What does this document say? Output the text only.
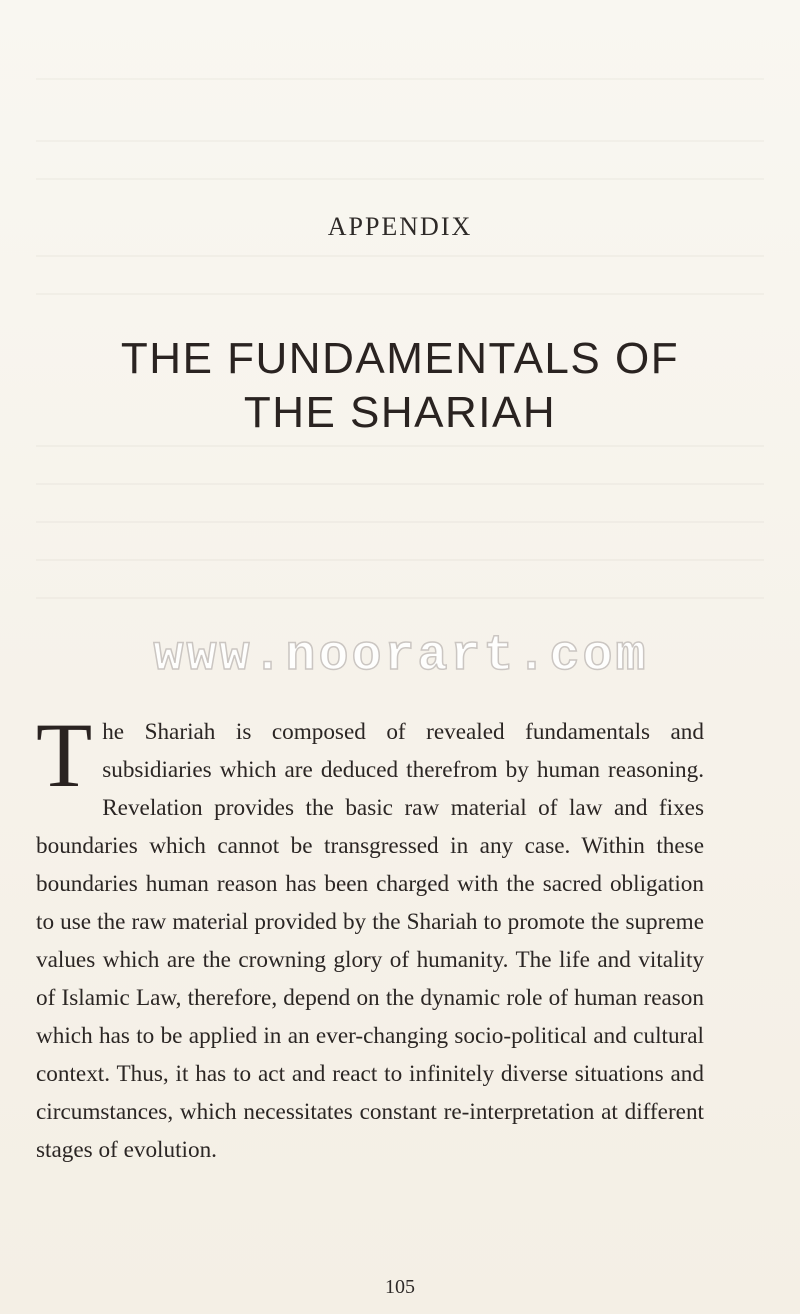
APPENDIX
THE FUNDAMENTALS OF
THE SHARIAH
www.noorart.com
The Shariah is composed of revealed fundamentals and subsidiaries which are deduced therefrom by human reasoning. Revelation provides the basic raw material of law and fixes boundaries which cannot be transgressed in any case. Within these boundaries human reason has been charged with the sacred obligation to use the raw material provided by the Shariah to promote the supreme values which are the crowning glory of humanity. The life and vitality of Islamic Law, therefore, depend on the dynamic role of human reason which has to be applied in an ever-changing socio-political and cultural context. Thus, it has to act and react to infinitely diverse situations and circumstances, which necessitates constant re-interpretation at different stages of evolution.
105
